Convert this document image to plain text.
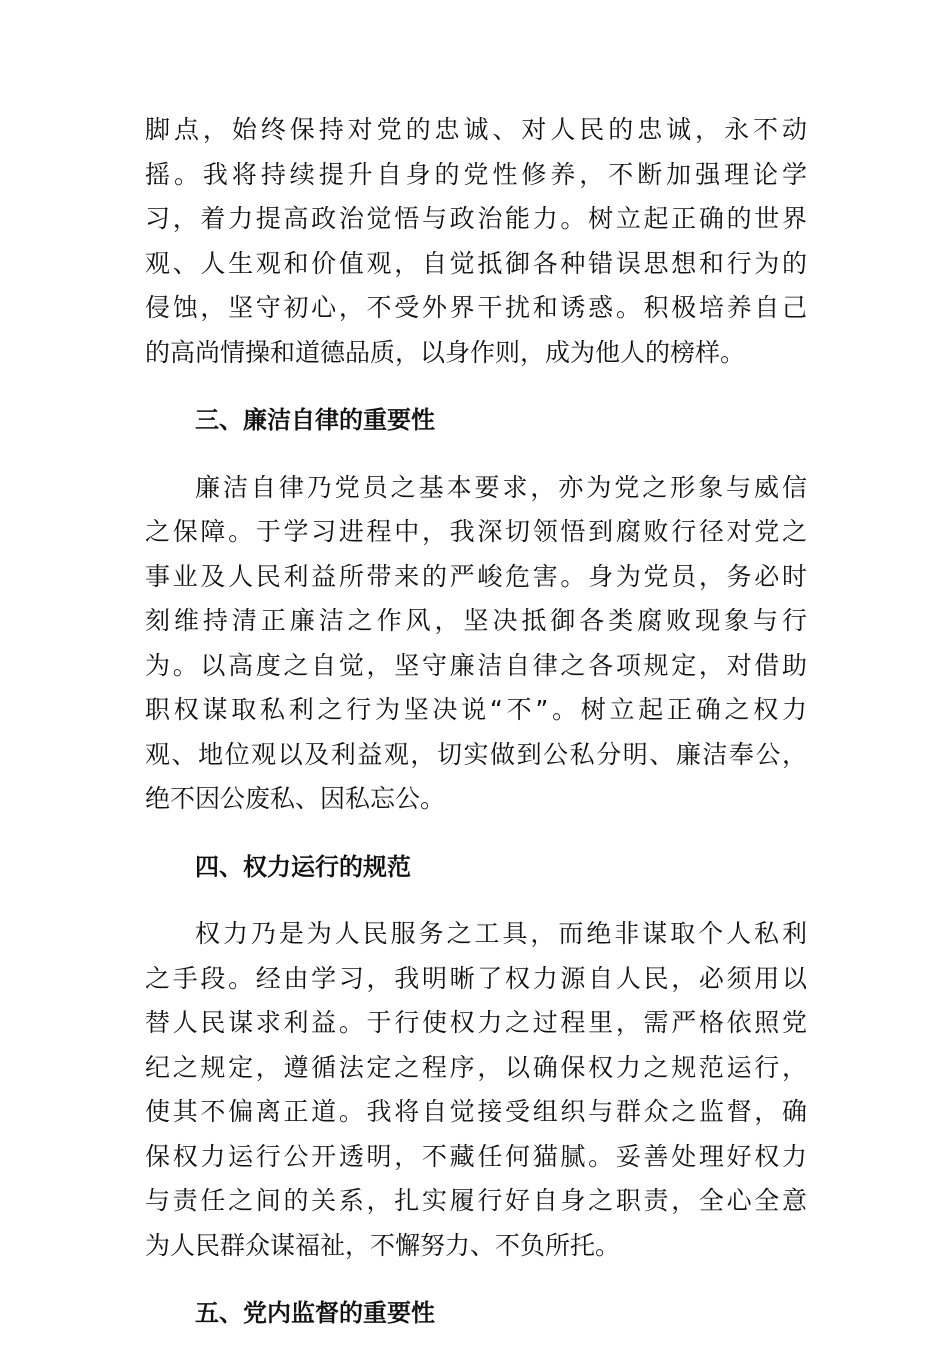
脚点，始终保持对党的忠诚、对人民的忠诚，永不动
摇。我将持续提升自身的党性修养，不断加强理论学
习，着力提高政治觉悟与政治能力。树立起正确的世界
观、人生观和价值观，自觉抵御各种错误思想和行为的
侵蚀，坚守初心，不受外界干扰和诱惑。积极培养自己
的高尚情操和道德品质，以身作则，成为他人的榜样。
三、廉洁自律的重要性
廉洁自律乃党员之基本要求，亦为党之形象与威信
之保障。于学习进程中，我深切领悟到腐败行径对党之
事业及人民利益所带来的严峻危害。身为党员，务必时
刻维持清正廉洁之作风，坚决抵御各类腐败现象与行
为。以高度之自觉，坚守廉洁自律之各项规定，对借助
职权谋取私利之行为坚决说“不”。树立起正确之权力
观、地位观以及利益观，切实做到公私分明、廉洁奉公，
绝不因公废私、因私忘公。
四、权力运行的规范
权力乃是为人民服务之工具，而绝非谋取个人私利
之手段。经由学习，我明晰了权力源自人民，必须用以
替人民谋求利益。于行使权力之过程里，需严格依照党
纪之规定，遵循法定之程序，以确保权力之规范运行，
使其不偏离正道。我将自觉接受组织与群众之监督，确
保权力运行公开透明，不藏任何猫腻。妥善处理好权力
与责任之间的关系，扎实履行好自身之职责，全心全意
为人民群众谋福祉，不懈努力、不负所托。
五、党内监督的重要性
